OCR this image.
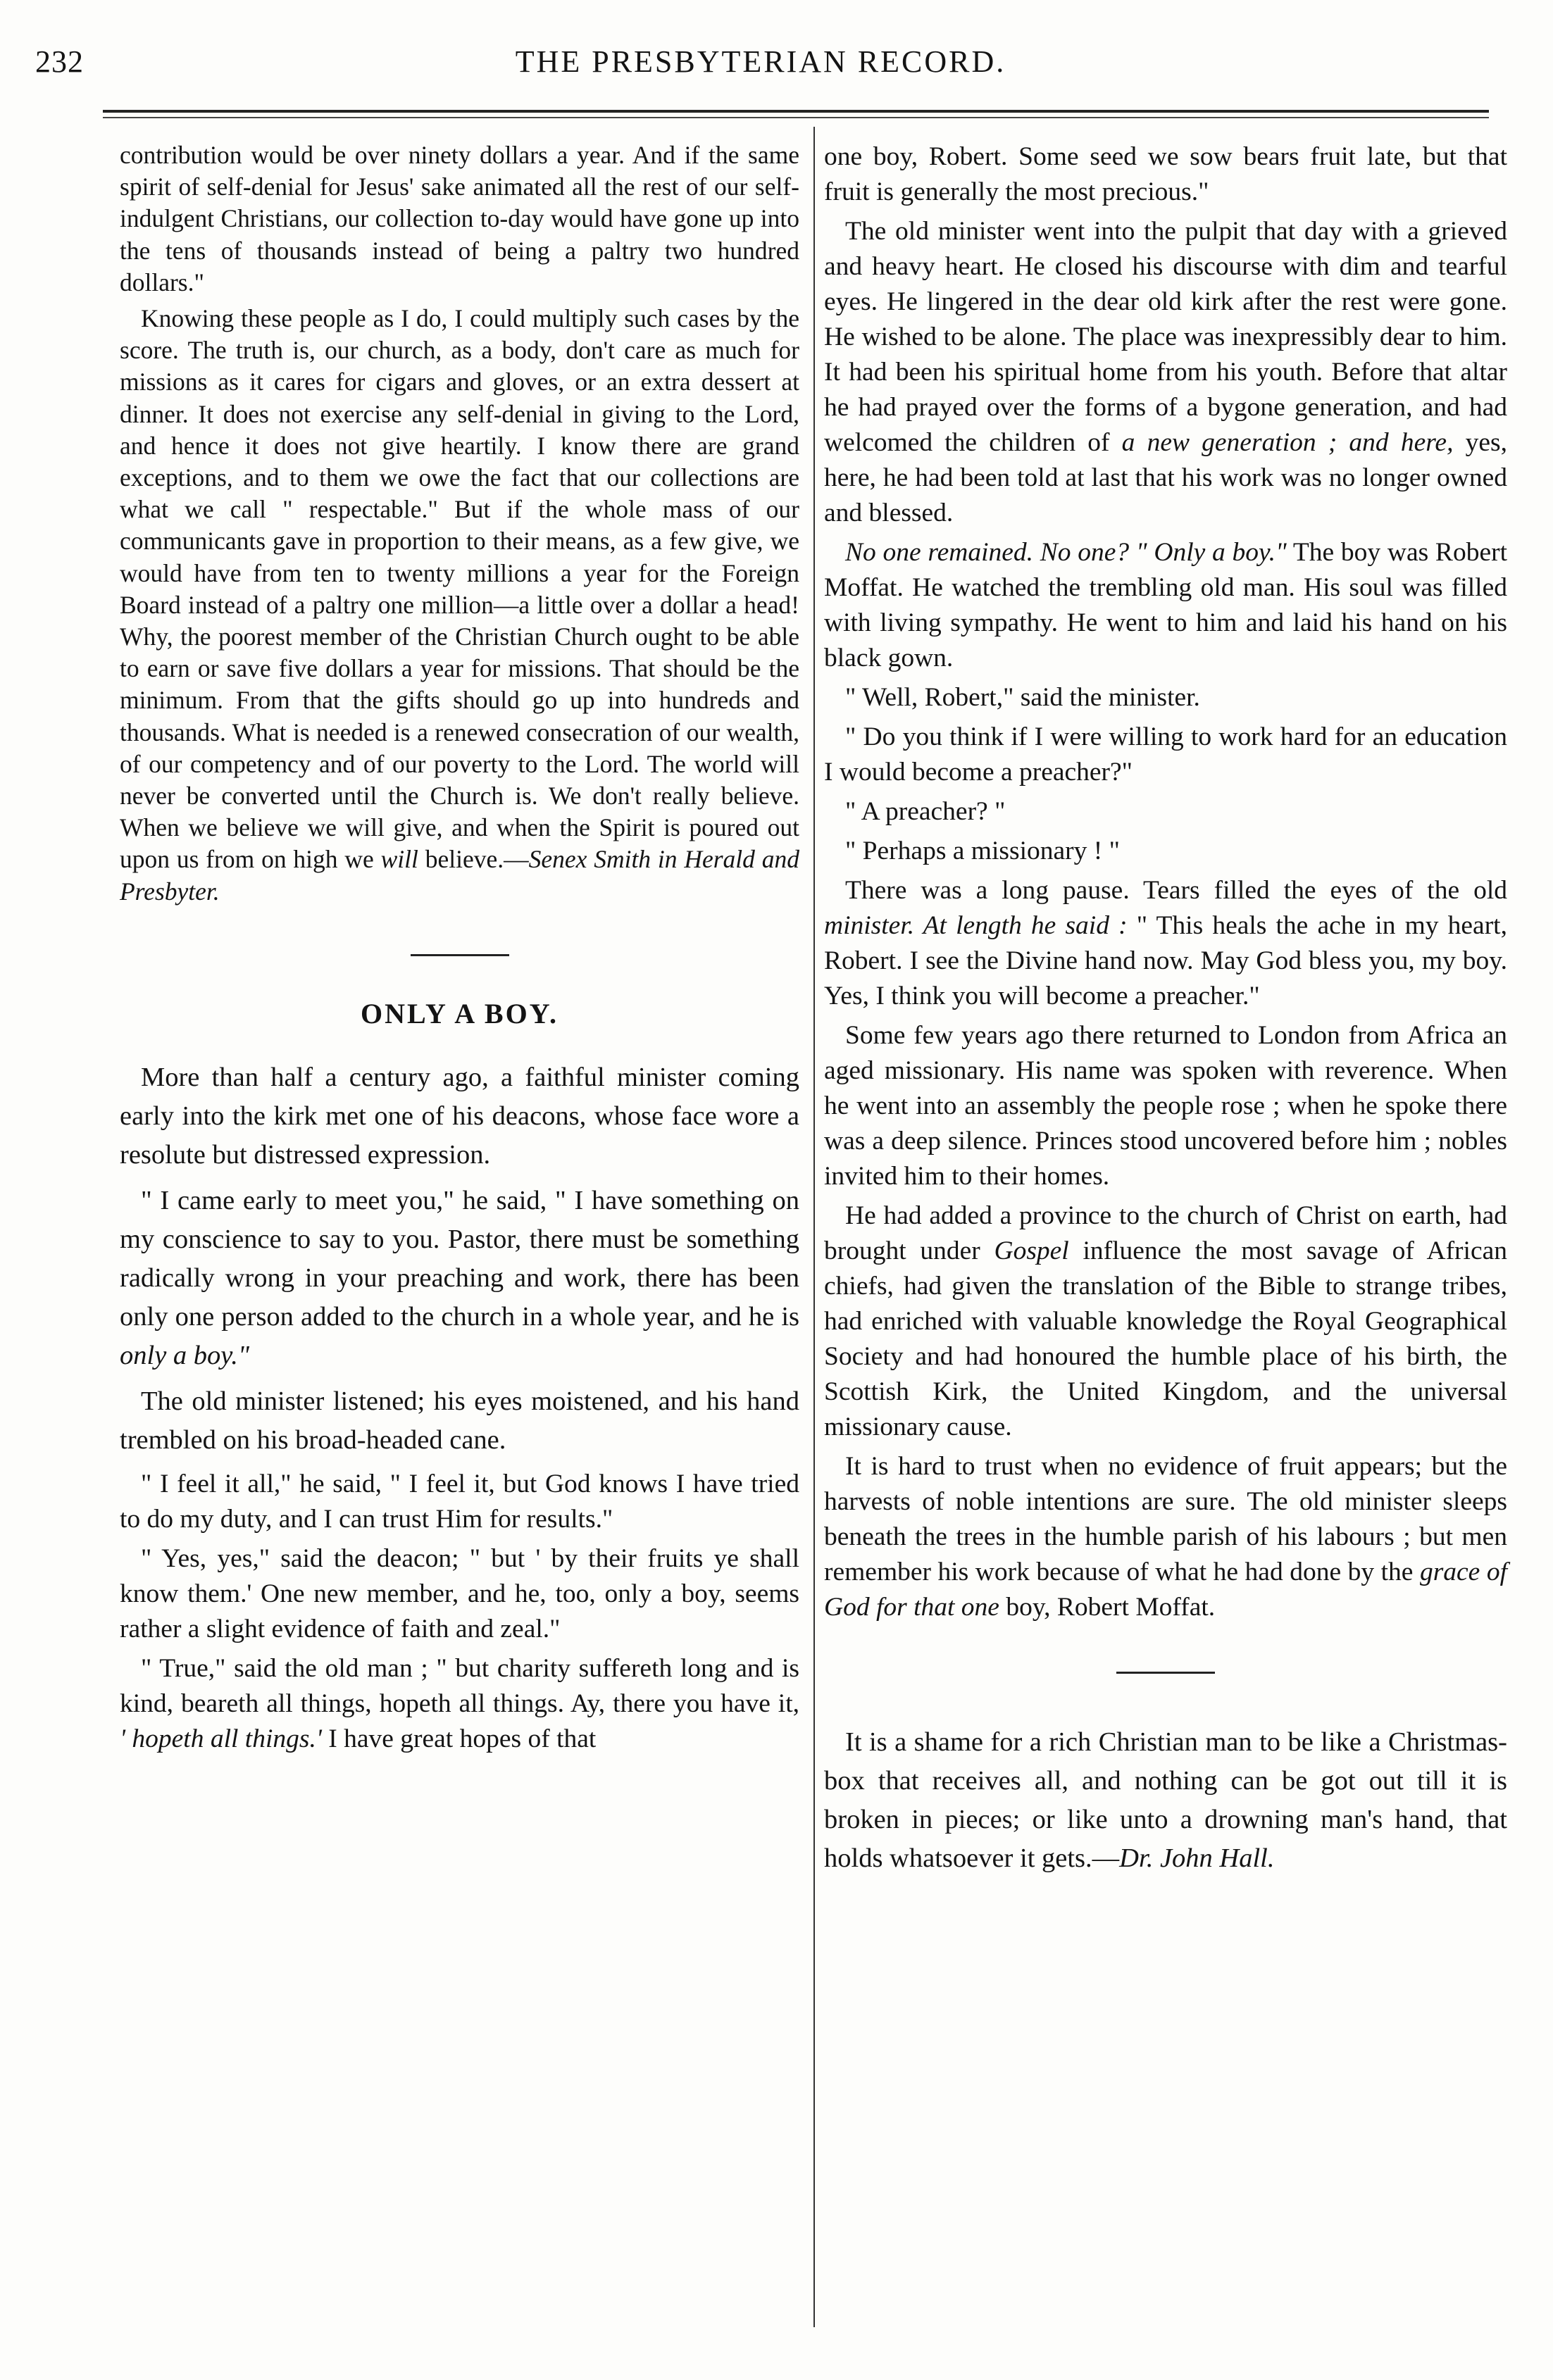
232	THE PRESBYTERIAN RECORD.

contribution would be over ninety dollars a year. And if the same spirit of self-denial for Jesus' sake animated all the rest of our self-indulgent Christians, our collection to-day would have gone up into the tens of thousands instead of being a paltry two hundred dollars."

Knowing these people as I do, I could multiply such cases by the score. The truth is, our church, as a body, don't care as much for missions as it cares for cigars and gloves, or an extra dessert at dinner. It does not exercise any self-denial in giving to the Lord, and hence it does not give heartily. I know there are grand exceptions, and to them we owe the fact that our collections are what we call " respectable." But if the whole mass of our communicants gave in proportion to their means, as a few give, we would have from ten to twenty millions a year for the Foreign Board instead of a paltry one million—a little over a dollar a head! Why, the poorest member of the Christian Church ought to be able to earn or save five dollars a year for missions. That should be the minimum. From that the gifts should go up into hundreds and thousands. What is needed is a renewed consecration of our wealth, of our competency and of our poverty to the Lord. The world will never be converted until the Church is. We don't really believe. When we believe we will give, and when the Spirit is poured out upon us from on high we will believe.—Senex Smith in Herald and Presbyter.

ONLY A BOY.

More than half a century ago, a faithful minister coming early into the kirk met one of his deacons, whose face wore a resolute but distressed expression.

" I came early to meet you," he said, " I have something on my conscience to say to you. Pastor, there must be something radically wrong in your preaching and work, there has been only one person added to the church in a whole year, and he is only a boy."

The old minister listened; his eyes moistened, and his hand trembled on his broad-headed cane.

" I feel it all," he said, " I feel it, but God knows I have tried to do my duty, and I can trust Him for results."

" Yes, yes," said the deacon; " but ' by their fruits ye shall know them.' One new member, and he, too, only a boy, seems rather a slight evidence of faith and zeal."

" True," said the old man ; " but charity suffereth long and is kind, beareth all things, hopeth all things. Ay, there you have it, ' hopeth all things.' I have great hopes of that

one boy, Robert. Some seed we sow bears fruit late, but that fruit is generally the most precious."

The old minister went into the pulpit that day with a grieved and heavy heart. He closed his discourse with dim and tearful eyes. He lingered in the dear old kirk after the rest were gone. He wished to be alone. The place was inexpressibly dear to him. It had been his spiritual home from his youth. Before that altar he had prayed over the forms of a bygone generation, and had welcomed the children of a new generation ; and here, yes, here, he had been told at last that his work was no longer owned and blessed.

No one remained. No one? " Only a boy." The boy was Robert Moffat. He watched the trembling old man. His soul was filled with living sympathy. He went to him and laid his hand on his black gown.

" Well, Robert," said the minister.

" Do you think if I were willing to work hard for an education I would become a preacher?"

" A preacher? "

" Perhaps a missionary ! "

There was a long pause. Tears filled the eyes of the old minister. At length he said : " This heals the ache in my heart, Robert. I see the Divine hand now. May God bless you, my boy. Yes, I think you will become a preacher."

Some few years ago there returned to London from Africa an aged missionary. His name was spoken with reverence. When he went into an assembly the people rose ; when he spoke there was a deep silence. Princes stood uncovered before him ; nobles invited him to their homes.

He had added a province to the church of Christ on earth, had brought under Gospel influence the most savage of African chiefs, had given the translation of the Bible to strange tribes, had enriched with valuable knowledge the Royal Geographical Society and had honoured the humble place of his birth, the Scottish Kirk, the United Kingdom, and the universal missionary cause.

It is hard to trust when no evidence of fruit appears; but the harvests of noble intentions are sure. The old minister sleeps beneath the trees in the humble parish of his labours ; but men remember his work because of what he had done by the grace of God for that one boy, Robert Moffat.

It is a shame for a rich Christian man to be like a Christmas-box that receives all, and nothing can be got out till it is broken in pieces; or like unto a drowning man's hand, that holds whatsoever it gets.—Dr. John Hall.
